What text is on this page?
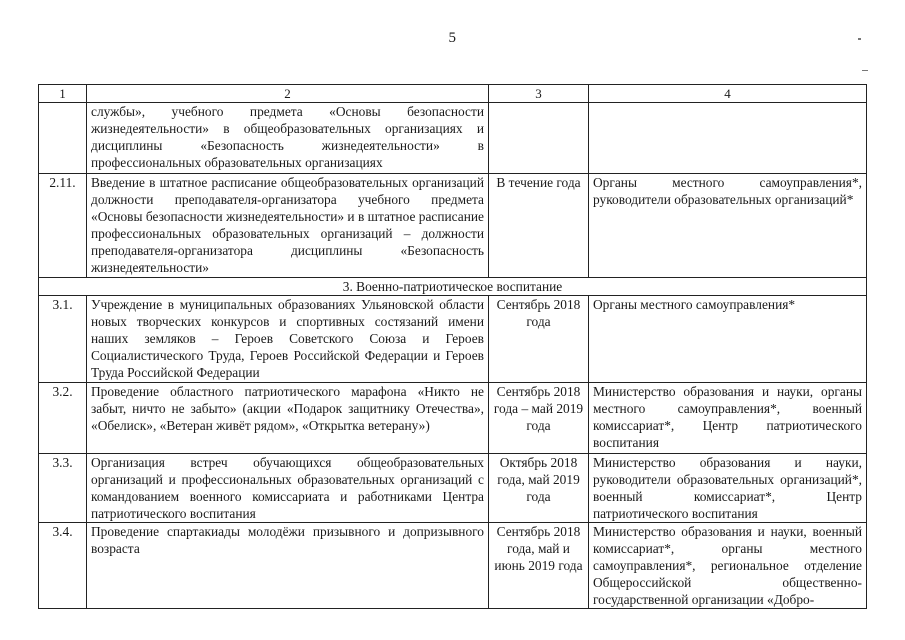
5
1	2	3	4
	службы», учебного предмета «Основы безопасности жизнедеятельности» в общеобразовательных организациях и дисциплины «Безопасность жизнедеятельности» в профессиональных образовательных организациях		
2.11.	Введение в штатное расписание общеобразовательных организаций должности преподавателя-организатора учебного предмета «Основы безопасности жизнедеятельности» и в штатное расписание профессиональных образовательных организаций – должности преподавателя-организатора дисциплины «Безопасность жизнедеятельности»	В течение года	Органы местного самоуправления*, руководители образовательных организаций*
3. Военно-патриотическое воспитание			
3.1.	Учреждение в муниципальных образованиях Ульяновской области новых творческих конкурсов и спортивных состязаний имени наших земляков – Героев Советского Союза и Героев Социалистического Труда, Героев Российской Федерации и Героев Труда Российской Федерации	Сентябрь 2018 года	Органы местного самоуправления*
3.2.	Проведение областного патриотического марафона «Никто не забыт, ничто не забыто» (акции «Подарок защитнику Отечества», «Обелиск», «Ветеран живёт рядом», «Открытка ветерану»)	Сентябрь 2018 года – май 2019 года	Министерство образования и науки, органы местного самоуправления*, военный комиссариат*, Центр патриотического воспитания
3.3.	Организация встреч обучающихся общеобразовательных организаций и профессиональных образовательных организаций с командованием военного комиссариата и работниками Центра патриотического воспитания	Октябрь 2018 года, май 2019 года	Министерство образования и науки, руководители образовательных организаций*, военный комиссариат*, Центр патриотического воспитания
3.4.	Проведение спартакиады молодёжи призывного и допризывного возраста	Сентябрь 2018 года, май и июнь 2019 года	Министерство образования и науки, военный комиссариат*, органы местного самоуправления*, региональное отделение Общероссийской общественно-государственной организации «Добро-
